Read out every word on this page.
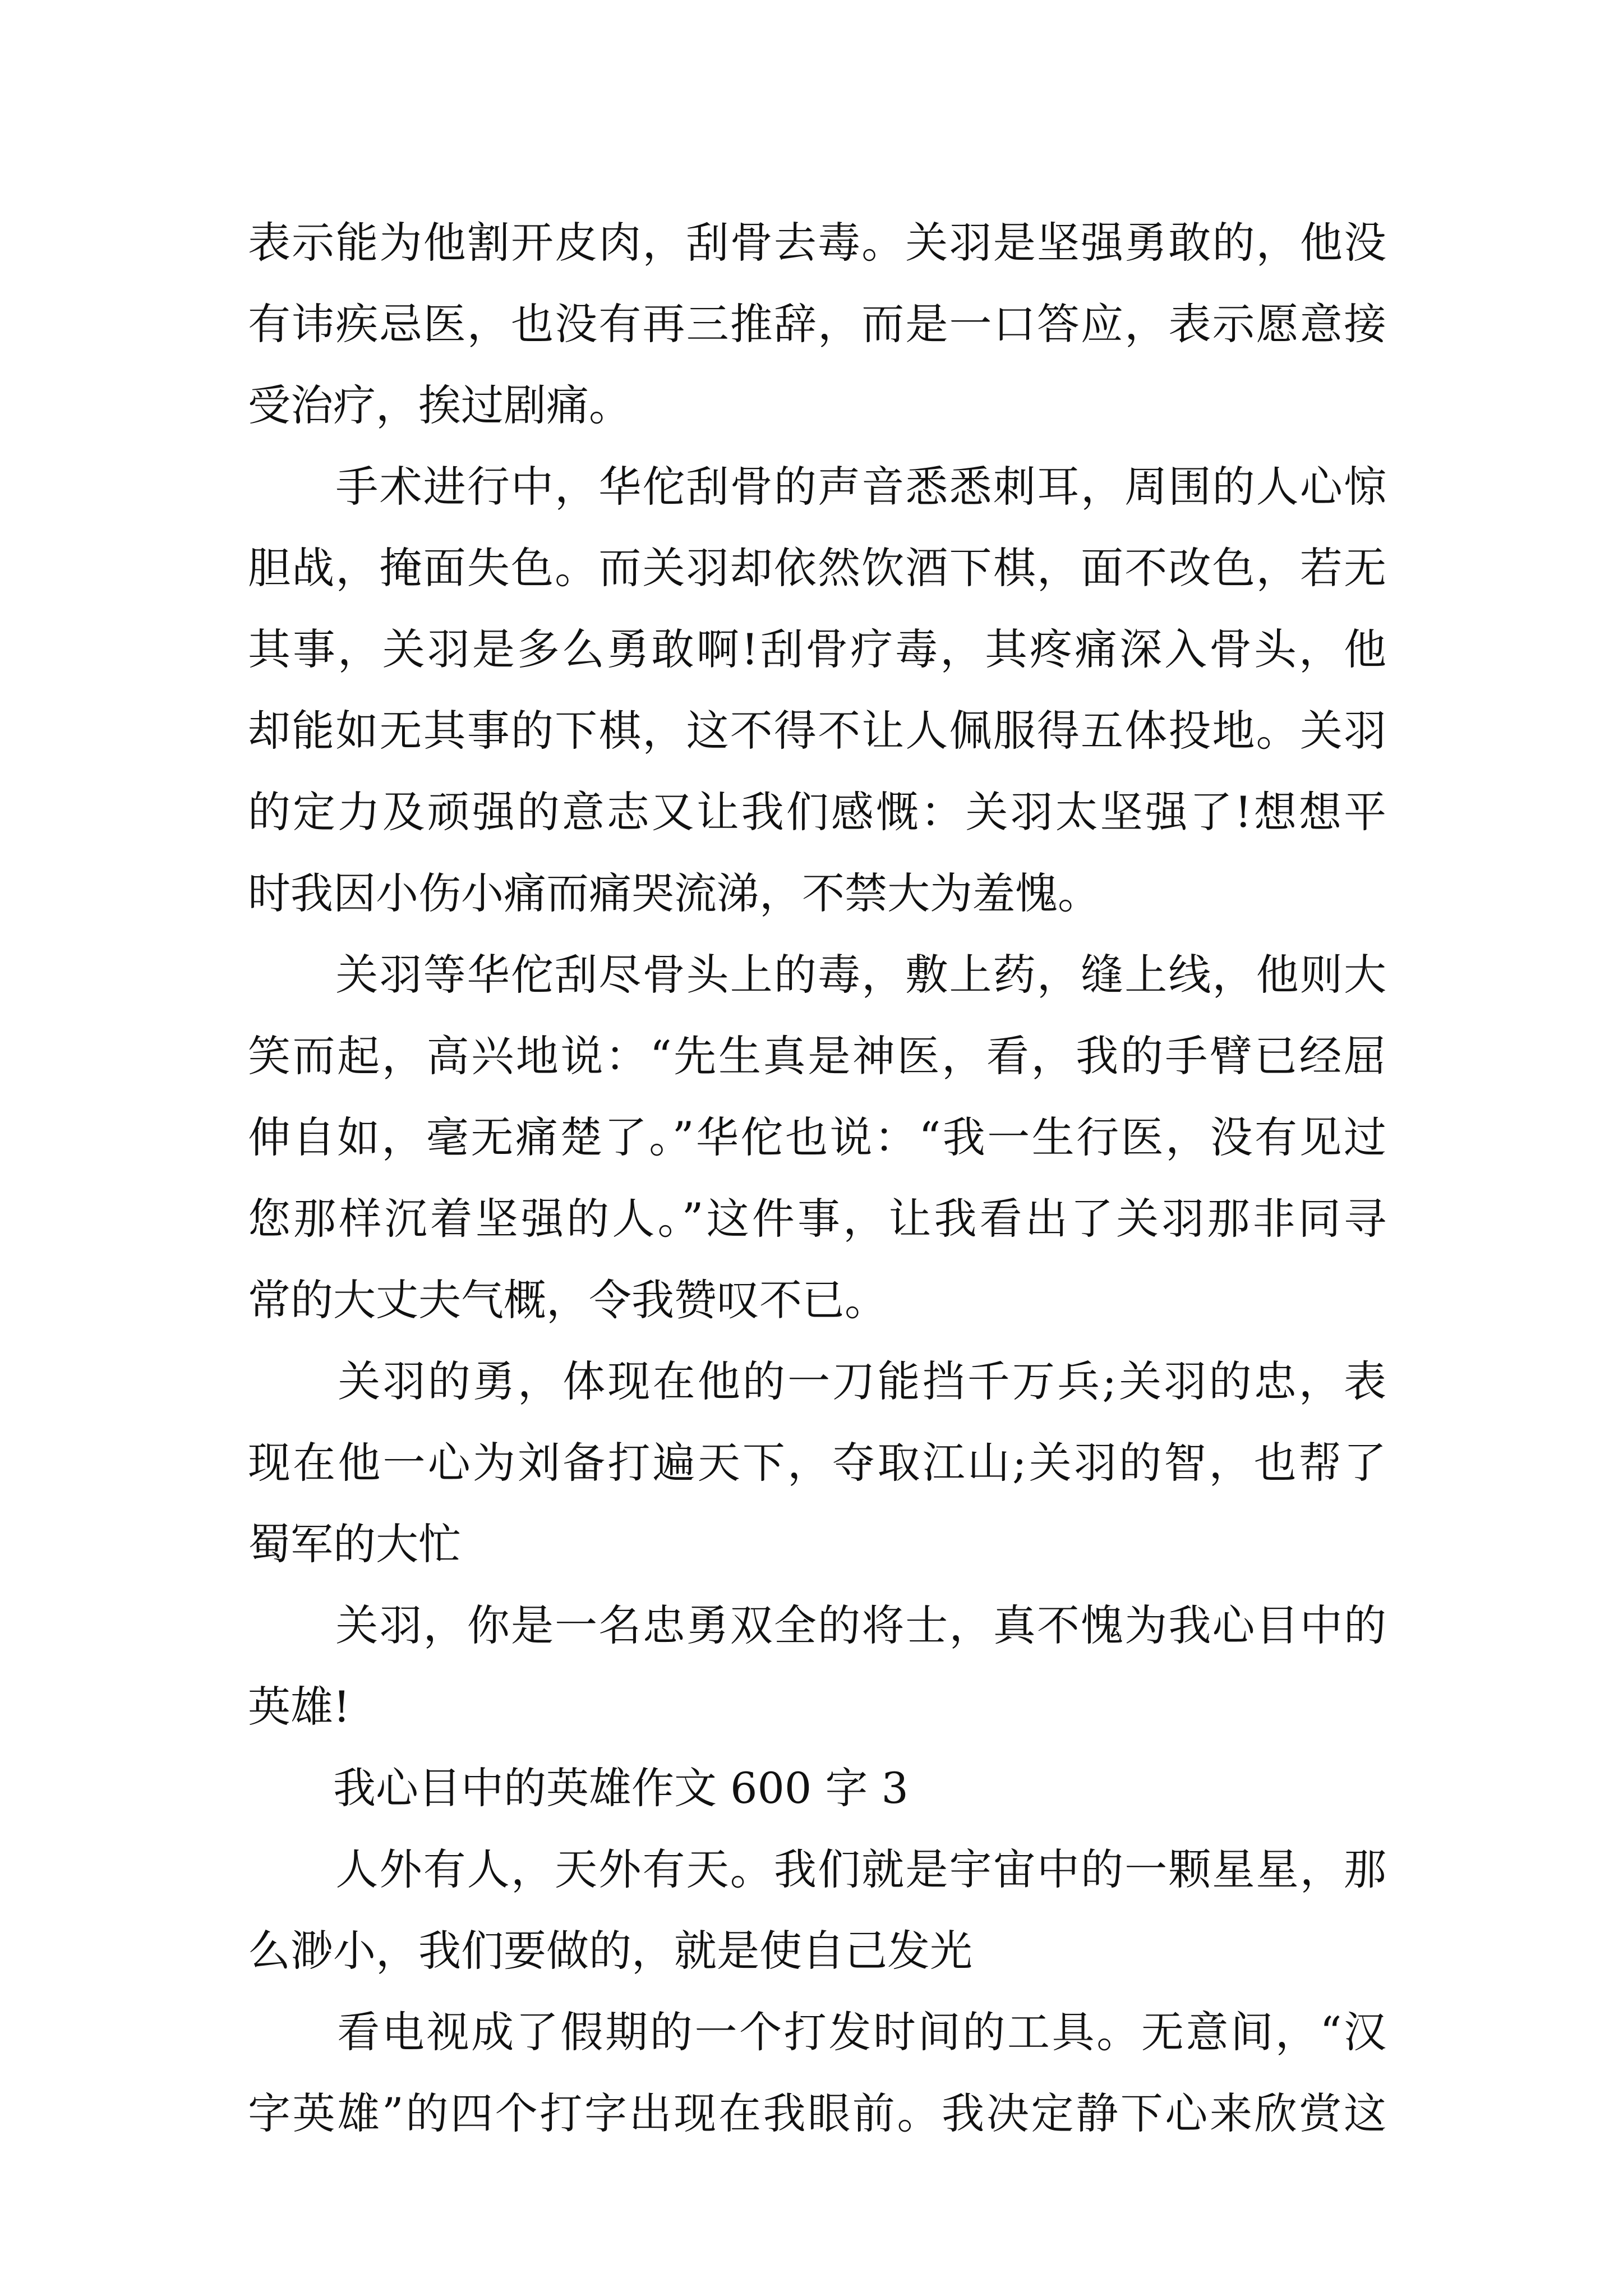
表示能为他割开皮肉，刮骨去毒。关羽是坚强勇敢的，他没
有讳疾忌医，也没有再三推辞，而是一口答应，表示愿意接
受治疗，挨过剧痛。
　　手术进行中，华佗刮骨的声音悉悉刺耳，周围的人心惊
胆战，掩面失色。而关羽却依然饮酒下棋，面不改色，若无
其事，关羽是多么勇敢啊!刮骨疗毒，其疼痛深入骨头，他
却能如无其事的下棋，这不得不让人佩服得五体投地。关羽
的定力及顽强的意志又让我们感慨：关羽太坚强了!想想平
时我因小伤小痛而痛哭流涕，不禁大为羞愧。
　　关羽等华佗刮尽骨头上的毒，敷上药，缝上线，他则大
笑而起，高兴地说：“先生真是神医，看，我的手臂已经屈
伸自如，毫无痛楚了。”华佗也说：“我一生行医，没有见过
您那样沉着坚强的人。”这件事，让我看出了关羽那非同寻
常的大丈夫气概，令我赞叹不已。
　　关羽的勇，体现在他的一刀能挡千万兵;关羽的忠，表
现在他一心为刘备打遍天下，夺取江山;关羽的智，也帮了
蜀军的大忙
　　关羽，你是一名忠勇双全的将士，真不愧为我心目中的
英雄!
　　我心目中的英雄作文 600 字 3
　　人外有人，天外有天。我们就是宇宙中的一颗星星，那
么渺小，我们要做的，就是使自己发光
　　看电视成了假期的一个打发时间的工具。无意间，“汉
字英雄”的四个打字出现在我眼前。我决定静下心来欣赏这
